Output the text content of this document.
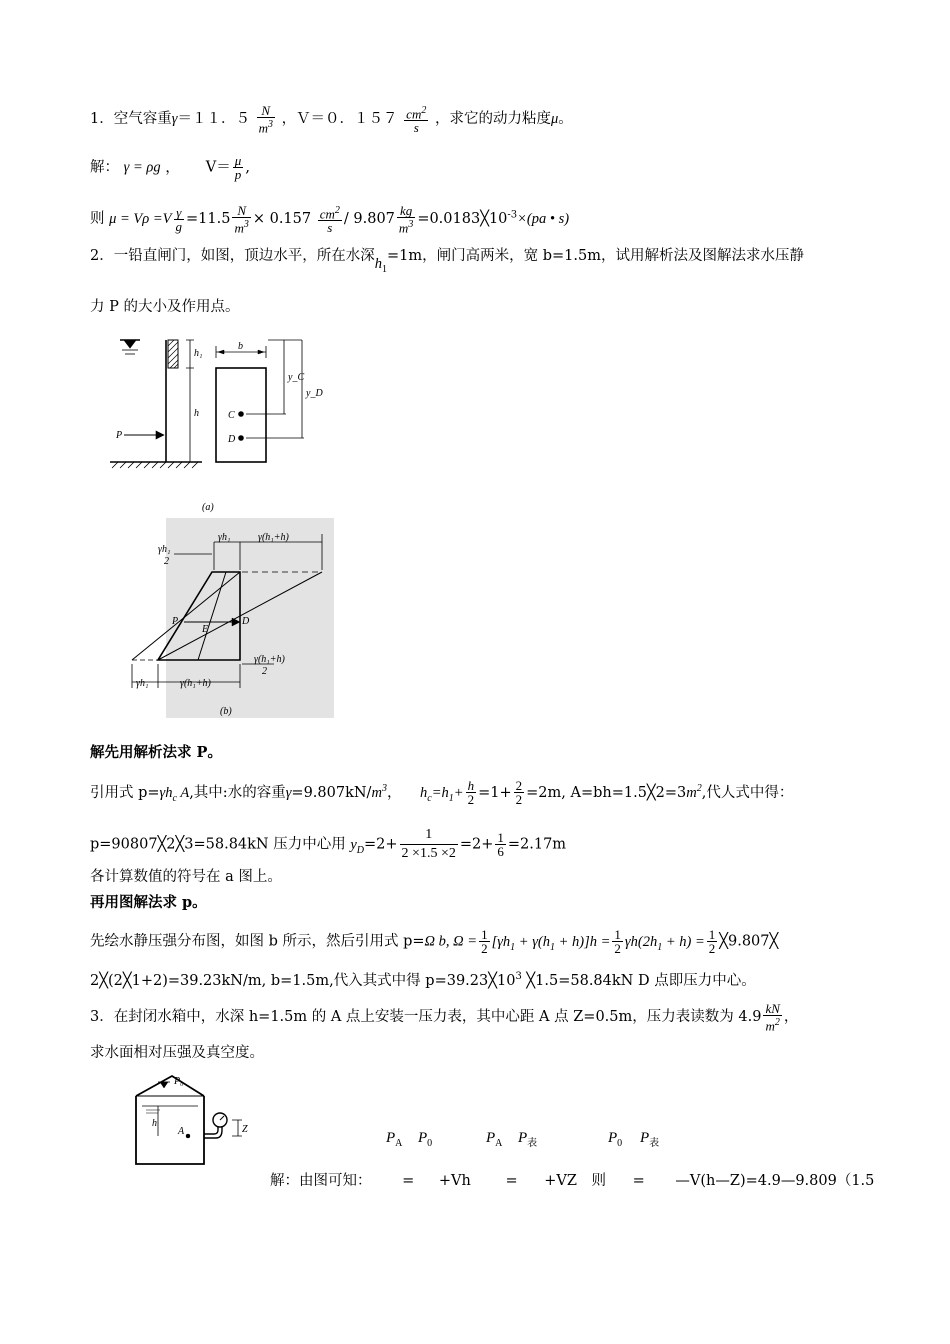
1．空气容重γ＝１１．$5 \frac{N}{m^3}$ ，Ｖ＝０．$157 \frac{cm^2}{s}$ ，求它的动力粘度μ。
解： γ = ρg ， $V= \frac{\mu}{p}$ ,
则 $\mu = V\rho =V \frac{\gamma}{g} =11.5 \frac{N}{m^3} \times 0.157 \frac{cm^2}{s} / 9.807 \frac{kg}{m^3}$ $=0.0183╳10^{-3}\times(pa$ • s)
2．一铅直闸门，如图，顶边水平，所在水深$h_1=1m$，闸门高两米，宽 b=1.5m，试用解析法及图解法求水压静
力 P 的大小及作用点。
P
h₁
h
b
y_C
y_D
C
D
(a)
γh₁
2
γh₁	γ(h₁+h)
P
E
D
γ(h₁+h)
2
γh₁	γ(h₁+h)
(b)
解先用解析法求 P。
引用式 $p=\gamma h_c$ A,其中:水的容重$\gamma=9.807kN/m^3$， $h_c=h_1+ \frac{h}{2} =1+ \frac{2}{2} =2m$, $A=bh=1.5╳2=3m^2$,代人式中得：
p=90807╳2╳3=58.84kN 压力中心用 $y_D=2+ \frac{1}{2 \times 1.5 \times 2} =2+ \frac{1}{6} =2.17m$
各计算数值的符号在 a 图上。
再用图解法求 p。
先绘水静压强分布图，如图 b 所示，然后引用式 p=Ω b, $\Omega = \frac{1}{2} [\gamma h_1 + \gamma(h_1 + h)]h = \frac{1}{2} \gamma h(2h_1 + h) = \frac{1}{2}$ ╳9.807╳
2╳(2╳1+2)=39.23kN/m, b=1.5m,代入其式中得 $p=39.23╳10^3$ ╳1.5=58.84kN D 点即压力中心。
3．在封闭水箱中，水深 h=1.5m 的 A 点上安装一压力表，其中心距 A 点 Z=0.5m，压力表读数为 $4.9 \frac{kN}{m^2}$ ，
求水面相对压强及真空度。
P₀
h
A	Z
$P_A$ $P_0$	$P_A$ $P_表$	$P_0$ $P_表$
解：由图可知： = +Vh = +VZ 则 = —V(h—Z)=4.9—9.809（1.5
